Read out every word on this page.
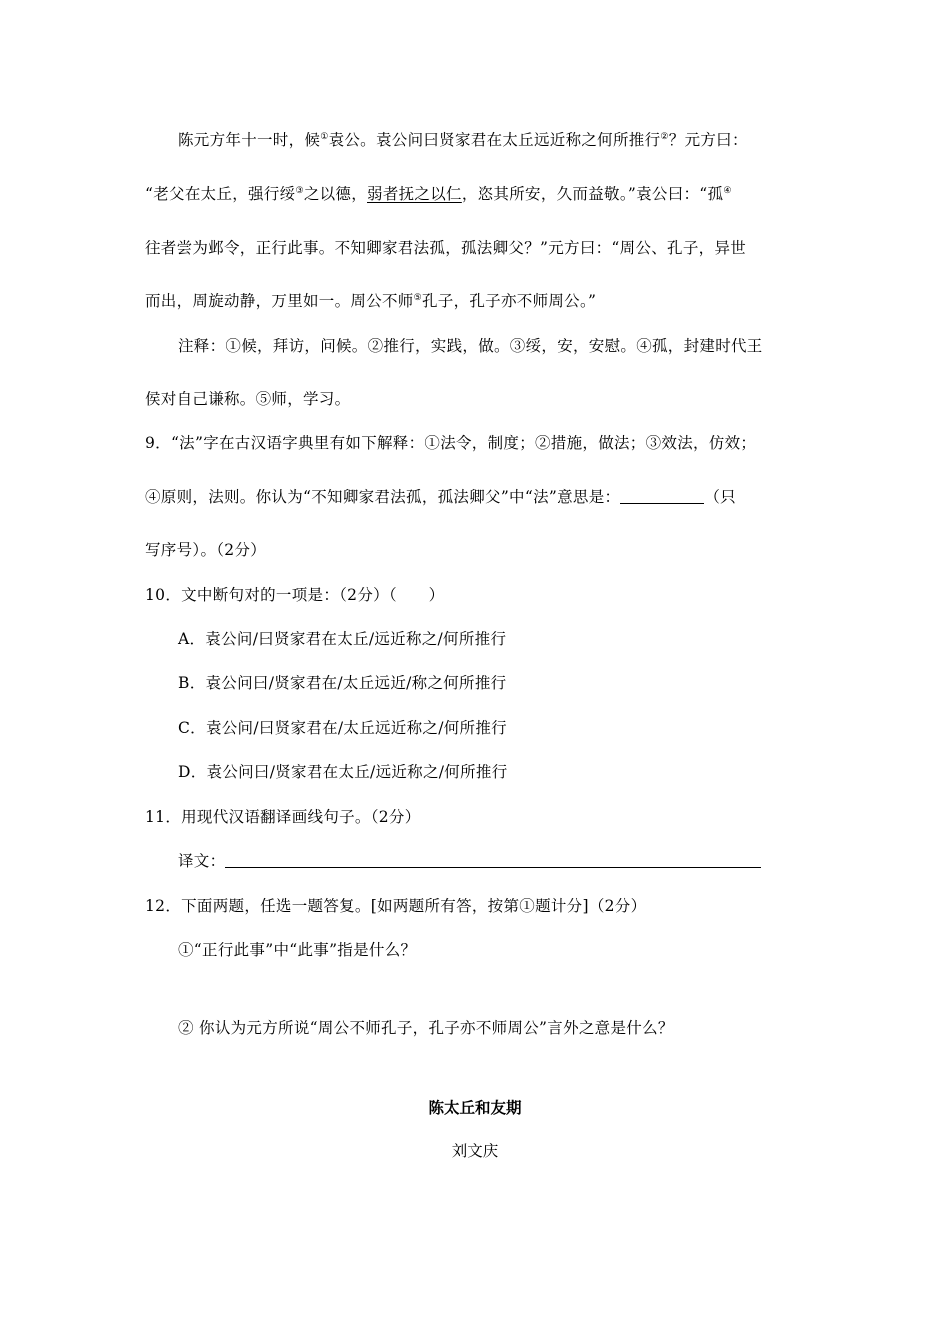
陈元方年十一时，候①袁公。袁公问曰贤家君在太丘远近称之何所推行②？元方曰：
“老父在太丘，强行绥③之以德，弱者抚之以仁，恣其所安，久而益敬。”袁公曰：“孤④
往者尝为邺令，正行此事。不知卿家君法孤，孤法卿父？”元方曰：“周公、孔子，异世
而出，周旋动静，万里如一。周公不师⑤孔子，孔子亦不师周公。”
注释：①候，拜访，问候。②推行，实践，做。③绥，安，安慰。④孤，封建时代王
侯对自己谦称。⑤师，学习。
9．“法”字在古汉语字典里有如下解释：①法令，制度；②措施，做法；③效法，仿效；
④原则，法则。你认为“不知卿家君法孤，孤法卿父”中“法”意思是：	（只
写序号）。（2分）
10．文中断句对的一项是：（2分）（　　）
A．袁公问/曰贤家君在太丘/远近称之/何所推行
B．袁公问曰/贤家君在/太丘远近/称之何所推行
C．袁公问/曰贤家君在/太丘远近称之/何所推行
D．袁公问曰/贤家君在太丘/远近称之/何所推行
11．用现代汉语翻译画线句子。（2分）
译文：
12．下面两题，任选一题答复。[如两题所有答，按第①题计分]（2分）
①“正行此事”中“此事”指是什么？
② 你认为元方所说“周公不师孔子，孔子亦不师周公”言外之意是什么？
陈太丘和友期
刘文庆
